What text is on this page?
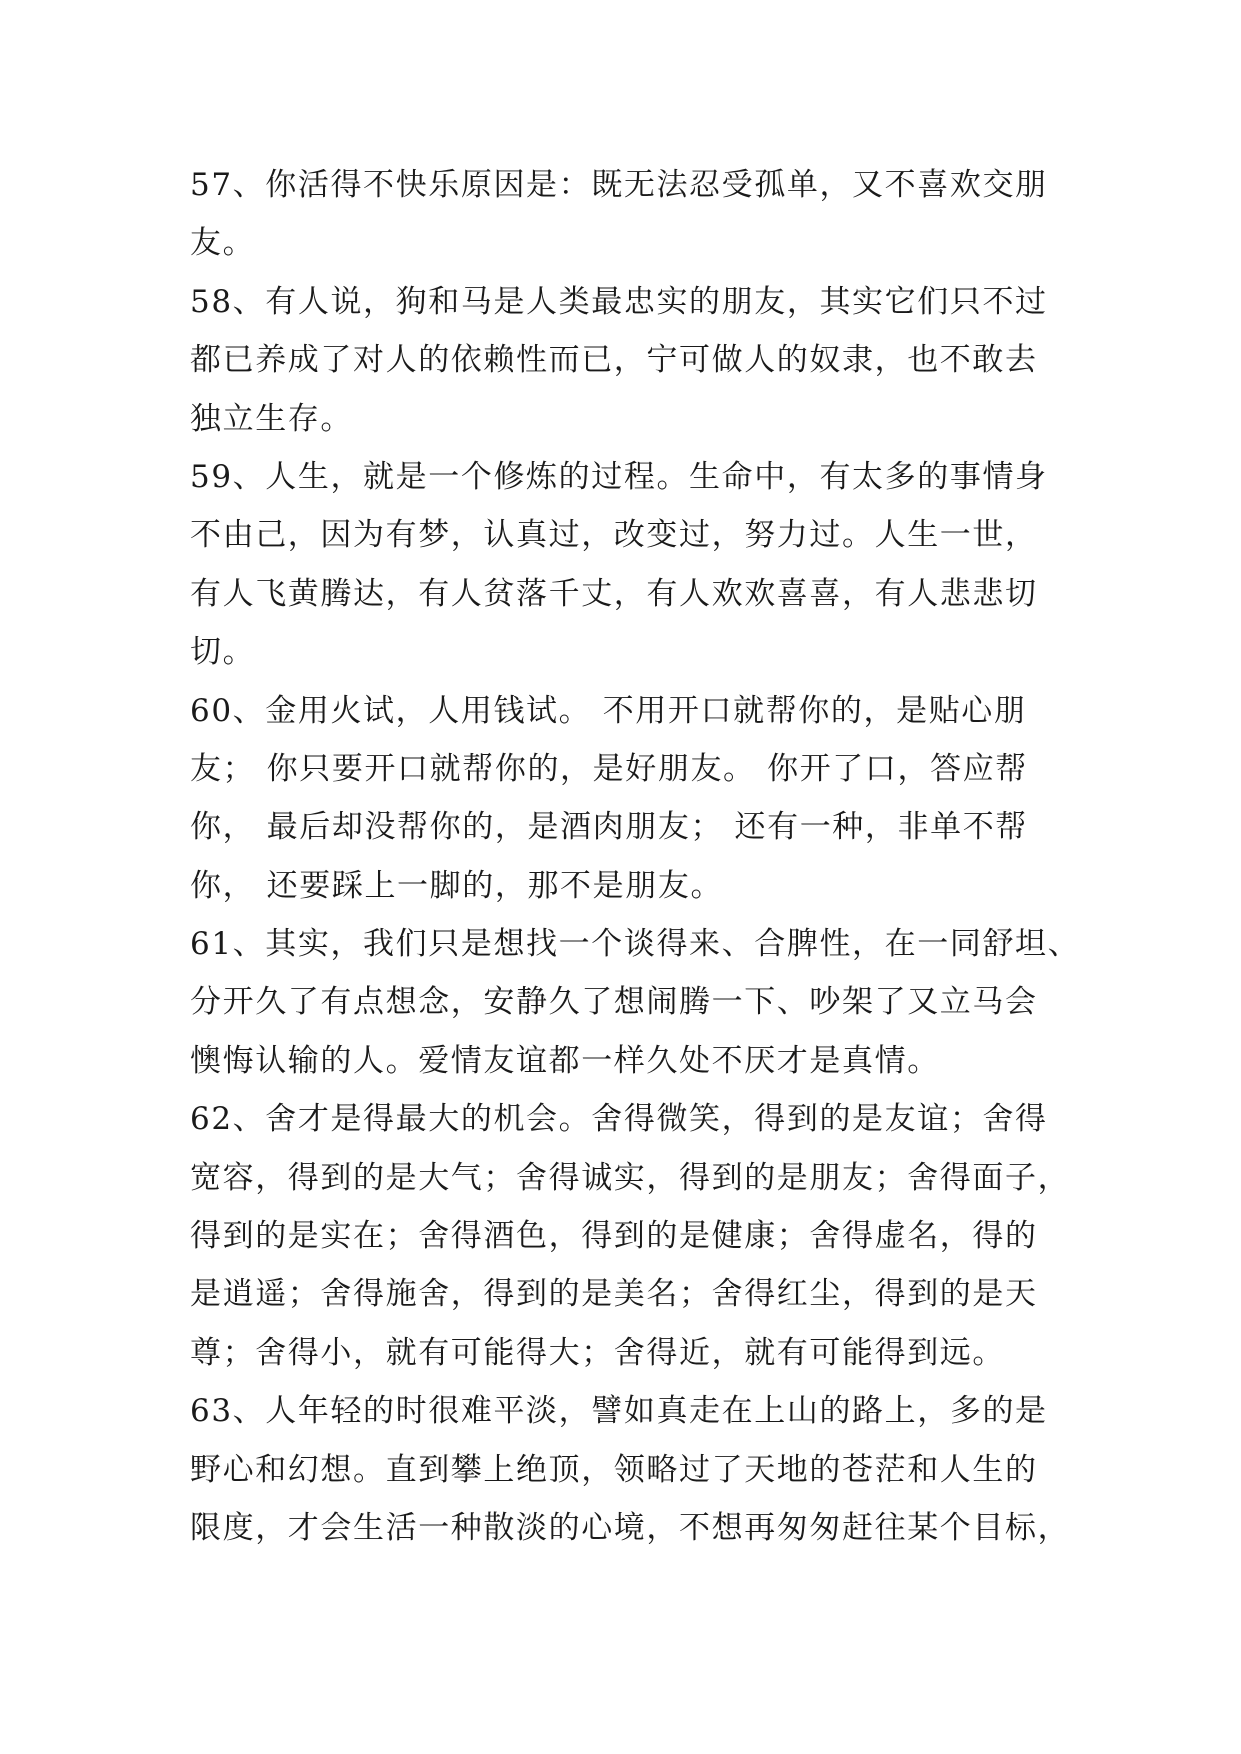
57、你活得不快乐原因是：既无法忍受孤单，又不喜欢交朋
友。
58、有人说，狗和马是人类最忠实的朋友，其实它们只不过
都已养成了对人的依赖性而已，宁可做人的奴隶，也不敢去
独立生存。
59、人生，就是一个修炼的过程。生命中，有太多的事情身
不由己，因为有梦，认真过，改变过，努力过。人生一世，
有人飞黄腾达，有人贫落千丈，有人欢欢喜喜，有人悲悲切
切。
60、金用火试，人用钱试。 不用开口就帮你的，是贴心朋
友； 你只要开口就帮你的，是好朋友。 你开了口，答应帮
你， 最后却没帮你的，是酒肉朋友； 还有一种，非单不帮
你， 还要踩上一脚的，那不是朋友。
61、其实，我们只是想找一个谈得来、合脾性，在一同舒坦、
分开久了有点想念，安静久了想闹腾一下、吵架了又立马会
懊悔认输的人。爱情友谊都一样久处不厌才是真情。
62、舍才是得最大的机会。舍得微笑，得到的是友谊；舍得
宽容，得到的是大气；舍得诚实，得到的是朋友；舍得面子，
得到的是实在；舍得酒色，得到的是健康；舍得虚名，得的
是逍遥；舍得施舍，得到的是美名；舍得红尘，得到的是天
尊；舍得小，就有可能得大；舍得近，就有可能得到远。
63、人年轻的时很难平淡，譬如真走在上山的路上，多的是
野心和幻想。直到攀上绝顶，领略过了天地的苍茫和人生的
限度，才会生活一种散淡的心境，不想再匆匆赶往某个目标，
